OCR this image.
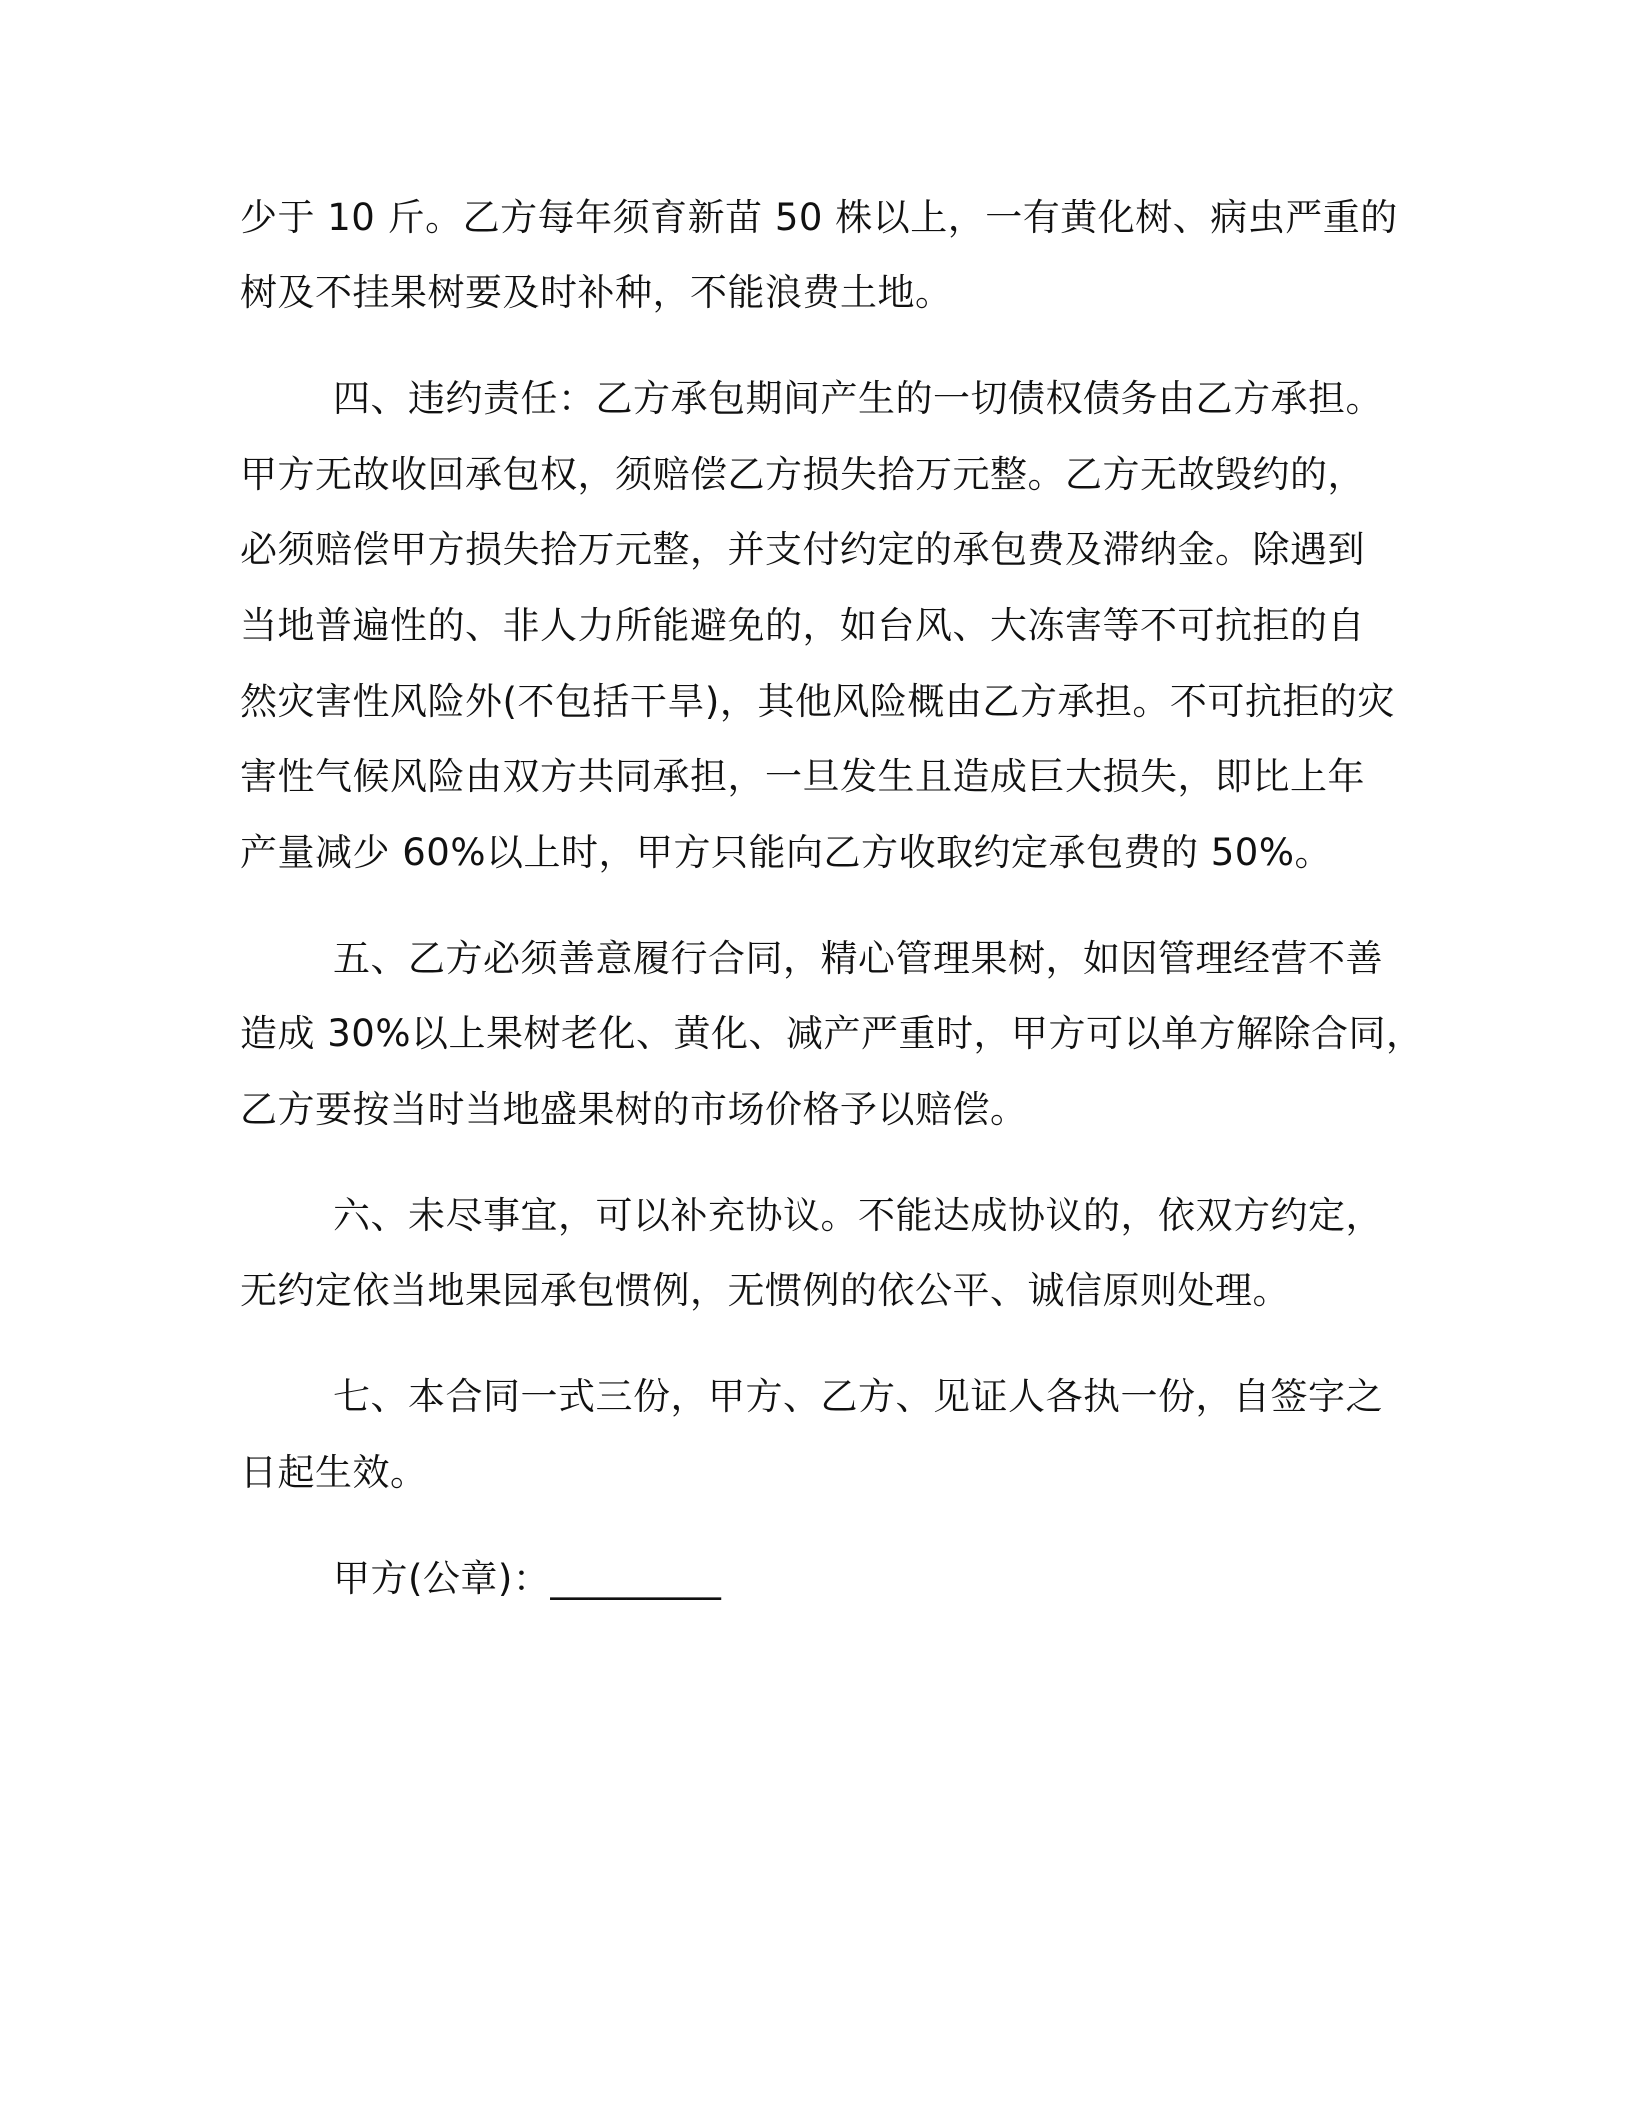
少于 10 斤。乙方每年须育新苗 50 株以上，一有黄化树、病虫严重的
树及不挂果树要及时补种，不能浪费土地。
四、违约责任：乙方承包期间产生的一切债权债务由乙方承担。
甲方无故收回承包权，须赔偿乙方损失拾万元整。乙方无故毁约的，
必须赔偿甲方损失拾万元整，并支付约定的承包费及滞纳金。除遇到
当地普遍性的、非人力所能避免的，如台风、大冻害等不可抗拒的自
然灾害性风险外(不包括干旱)，其他风险概由乙方承担。不可抗拒的灾
害性气候风险由双方共同承担，一旦发生且造成巨大损失，即比上年
产量减少 60%以上时，甲方只能向乙方收取约定承包费的 50%。
五、乙方必须善意履行合同，精心管理果树，如因管理经营不善
造成 30%以上果树老化、黄化、减产严重时，甲方可以单方解除合同，
乙方要按当时当地盛果树的市场价格予以赔偿。
六、未尽事宜，可以补充协议。不能达成协议的，依双方约定，
无约定依当地果园承包惯例，无惯例的依公平、诚信原则处理。
七、本合同一式三份，甲方、乙方、见证人各执一份，自签字之
日起生效。
甲方(公章)：_________
